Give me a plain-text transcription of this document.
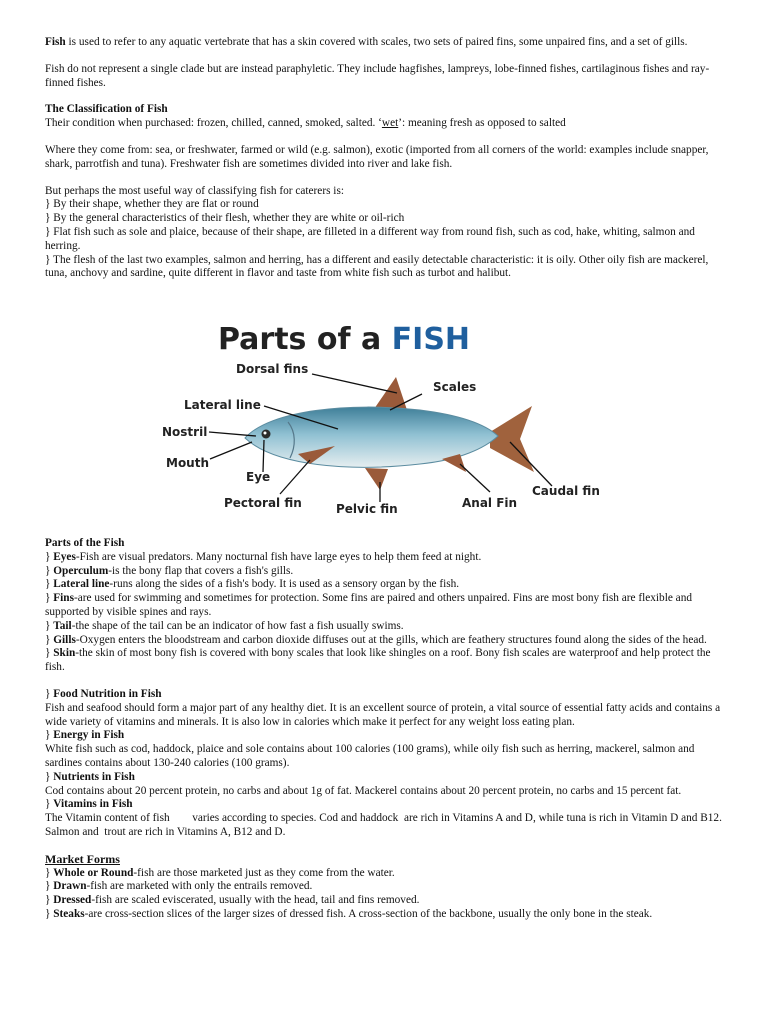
Fish is used to refer to any aquatic vertebrate that has a skin covered with scales, two sets of paired fins, some unpaired fins, and a set of gills.

Fish do not represent a single clade but are instead paraphyletic. They include hagfishes, lampreys, lobe-finned fishes, cartilaginous fishes and ray-finned fishes.

The Classification of Fish

Their condition when purchased: frozen, chilled, canned, smoked, salted. ‘wet’: meaning fresh as opposed to salted

Where they come from: sea, or freshwater, farmed or wild (e.g. salmon), exotic (imported from all corners of the world: examples include snapper, shark, parrotfish and tuna). Freshwater fish are sometimes divided into river and lake fish.

But perhaps the most useful way of classifying fish for caterers is:

} By their shape, whether they are flat or round

} By the general characteristics of their flesh, whether they are white or oil-rich

} Flat fish such as sole and plaice, because of their shape, are filleted in a different way from round fish, such as cod, hake, whiting, salmon and herring.

} The flesh of the last two examples, salmon and herring, has a different and easily detectable characteristic: it is oily. Other oily fish are mackerel, tuna, anchovy and sardine, quite different in flavor and taste from white fish such as turbot and halibut.

Parts of a FISH
Dorsal fins
Scales
Lateral line
Nostril
Mouth
Eye
Pectoral fin	Pelvic fin	Anal Fin
Caudal fin

Parts of the Fish

} Eyes-Fish are visual predators. Many nocturnal fish have large eyes to help them feed at night.

} Operculum-is the bony flap that covers a fish's gills.

} Lateral line-runs along the sides of a fish's body. It is used as a sensory organ by the fish.

} Fins-are used for swimming and sometimes for protection. Some fins are paired and others unpaired. Fins are most bony fish are flexible and supported by visible spines and rays.

} Tail-the shape of the tail can be an indicator of how fast a fish usually swims.

} Gills-Oxygen enters the bloodstream and carbon dioxide diffuses out at the gills, which are feathery structures found along the sides of the head.

} Skin-the skin of most bony fish is covered with bony scales that look like shingles on a roof. Bony fish scales are waterproof and help protect the fish.

} Food Nutrition in Fish

Fish and seafood should form a major part of any healthy diet. It is an excellent source of protein, a vital source of essential fatty acids and contains a wide variety of vitamins and minerals. It is also low in calories which make it perfect for any weight loss eating plan.

} Energy in Fish

White fish such as cod, haddock, plaice and sole contains about 100 calories (100 grams), while oily fish such as herring, mackerel, salmon and sardines contains about 130-240 calories (100 grams).

} Nutrients in Fish

Cod contains about 20 percent protein, no carbs and about 1g of fat. Mackerel contains about 20 percent protein, no carbs and 15 percent fat.

} Vitamins in Fish

The Vitamin content of fish        varies according to species. Cod and haddock  are rich in Vitamins A and D, while tuna is rich in Vitamin D and B12. Salmon and  trout are rich in Vitamins A, B12 and D.

Market Forms

} Whole or Round-fish are those marketed just as they come from the water.

} Drawn-fish are marketed with only the entrails removed.

} Dressed-fish are scaled eviscerated, usually with the head, tail and fins removed.

} Steaks-are cross-section slices of the larger sizes of dressed fish. A cross-section of the backbone, usually the only bone in the steak.
